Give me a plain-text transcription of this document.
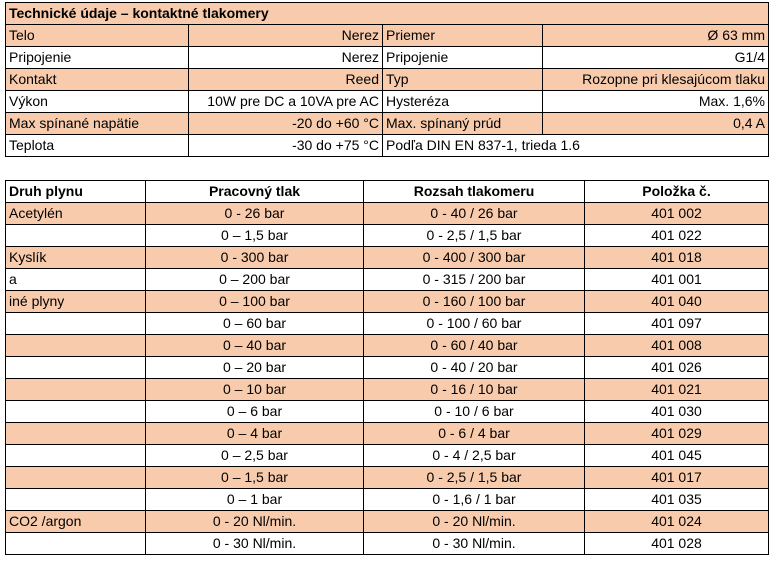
Technické údaje – kontaktné tlakomery			
Telo	Nerez	Priemer	Ø 63 mm
Pripojenie	Nerez	Pripojenie	G1/4
Kontakt	Reed	Typ	Rozopne pri klesajúcom tlaku
Výkon	10W pre DC a 10VA pre AC	Hysteréza	Max. 1,6%
Max spínané napätie	-20 do +60 °C	Max. spínaný prúd	0,4 A
Teplota	-30 do +75 °C	Podľa DIN EN 837-1, trieda 1.6	
Druh plynu	Pracovný tlak	Rozsah tlakomeru	Položka č.
Acetylén	0 - 26 bar	0 - 40 / 26 bar	401 002
	0 – 1,5 bar	0 - 2,5 / 1,5 bar	401 022
Kyslík	0 - 300 bar	0 - 400 / 300 bar	401 018
a	0 – 200 bar	0 - 315 / 200 bar	401 001
iné plyny	0 – 100 bar	0 - 160 / 100 bar	401 040
	0 – 60 bar	0 - 100 / 60 bar	401 097
	0 – 40 bar	0 - 60 / 40 bar	401 008
	0 – 20 bar	0 - 40 / 20 bar	401 026
	0 – 10 bar	0 - 16 / 10 bar	401 021
	0 – 6 bar	0 - 10 / 6 bar	401 030
	0 – 4 bar	0 - 6 / 4 bar	401 029
	0 – 2,5 bar	0 - 4 / 2,5 bar	401 045
	0 – 1,5 bar	0 - 2,5 / 1,5 bar	401 017
	0 – 1 bar	0 - 1,6 / 1 bar	401 035
CO2 /argon	0 - 20 Nl/min.	0 - 20 Nl/min.	401 024
	0 - 30 Nl/min.	0 - 30 Nl/min.	401 028
